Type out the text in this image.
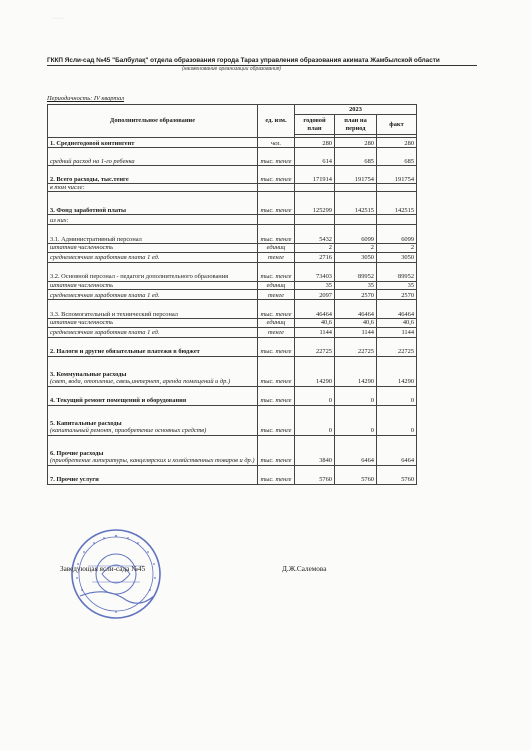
······
ГККП Ясли-сад №45 "Балбулақ" отдела образования города Тараз управления образования акимата Жамбылской области
(наименование организации образования)
Периодичность: IV квартал
Дополнительное образование	ед. изм.	2023		
		годовой план	план на период	факт

1. Среднегодовой контингент	чел.	280	280	280

средний расход на 1-го ребенка	тыс. тенге	614	685	685

2. Всего расходы, тыс.тенге	тыс. тенге	171914	191754	191754

в том числе:				

3. Фонд заработной платы	тыс. тенге	125299	142515	142515

из них:				

3.1. Административный персонал	тыс. тенге	5432	6099	6099

штатная численность	единиц	2	2	2

среднемесячная заработная плата 1 ед.	тенге	2716	3050	3050

3.2. Основной персонал - педагоги дополнительного образования	тыс. тенге	73403	89952	89952

штатная численность	единиц	35	35	35

среднемесячная заработная плата 1 ед.	тенге	2097	2570	2570

3.3. Вспомогательный и технический персонал	тыс. тенге	46464	46464	46464

штатная численность	единиц	40,6	40,6	40,6

среднемесячная заработная плата 1 ед.	тенге	1144	1144	1144

2. Налоги и другие обязательные платежи в бюджет	тыс. тенге	22725	22725	22725

3. Коммунальные расходы
(свет, вода, отопление, связь,интернет, аренда помещений и др.)	тыс. тенге	14290	14290	14290

4. Текущий ремонт помещений и оборудования	тыс. тенге	0	0	0

5. Капитальные расходы
(капитальный ремонт, приобретение основных средств)	тыс. тенге	0	0	0

6. Прочие расходы
(приобретение литературы, канцелярских и хозяйственных товаров и др.)	тыс. тенге	3840	6464	6464

7. Прочие услуги	тыс. тенге	5760	5760	5760
Заведующая ясли-сада №45	Д.Ж.Салемова
